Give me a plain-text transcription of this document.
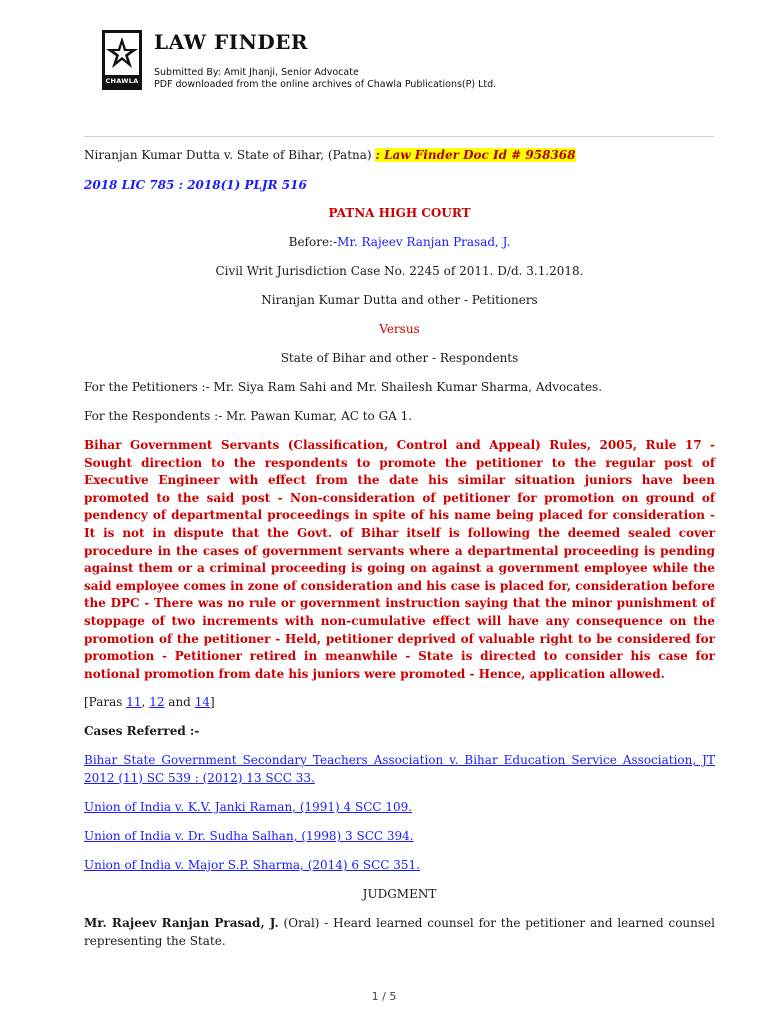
CHAWLA
LAW FINDER
Submitted By: Amit Jhanji, Senior Advocate
PDF downloaded from the online archives of Chawla Publications(P) Ltd.

Niranjan Kumar Dutta v. State of Bihar, (Patna) : Law Finder Doc Id # 958368

2018 LIC 785 : 2018(1) PLJR 516

PATNA HIGH COURT

Before:-Mr. Rajeev Ranjan Prasad, J.

Civil Writ Jurisdiction Case No. 2245 of 2011. D/d. 3.1.2018.

Niranjan Kumar Dutta and other - Petitioners

Versus

State of Bihar and other - Respondents

For the Petitioners :- Mr. Siya Ram Sahi and Mr. Shailesh Kumar Sharma, Advocates.

For the Respondents :- Mr. Pawan Kumar, AC to GA 1.

Bihar Government Servants (Classification, Control and Appeal) Rules, 2005, Rule 17 - Sought direction to the respondents to promote the petitioner to the regular post of Executive Engineer with effect from the date his similar situation juniors have been promoted to the said post - Non-consideration of petitioner for promotion on ground of pendency of departmental proceedings in spite of his name being placed for consideration - It is not in dispute that the Govt. of Bihar itself is following the deemed sealed cover procedure in the cases of government servants where a departmental proceeding is pending against them or a criminal proceeding is going on against a government employee while the said employee comes in zone of consideration and his case is placed for, consideration before the DPC - There was no rule or government instruction saying that the minor punishment of stoppage of two increments with non-cumulative effect will have any consequence on the promotion of the petitioner - Held, petitioner deprived of valuable right to be considered for promotion - Petitioner retired in meanwhile - State is directed to consider his case for notional promotion from date his juniors were promoted - Hence, application allowed.

[Paras 11, 12 and 14]

Cases Referred :-

Bihar State Government Secondary Teachers Association v. Bihar Education Service Association, JT 2012 (11) SC 539 : (2012) 13 SCC 33.

Union of India v. K.V. Janki Raman, (1991) 4 SCC 109.

Union of India v. Dr. Sudha Salhan, (1998) 3 SCC 394.

Union of India v. Major S.P. Sharma, (2014) 6 SCC 351.

JUDGMENT

Mr. Rajeev Ranjan Prasad, J. (Oral) - Heard learned counsel for the petitioner and learned counsel representing the State.

1 / 5
